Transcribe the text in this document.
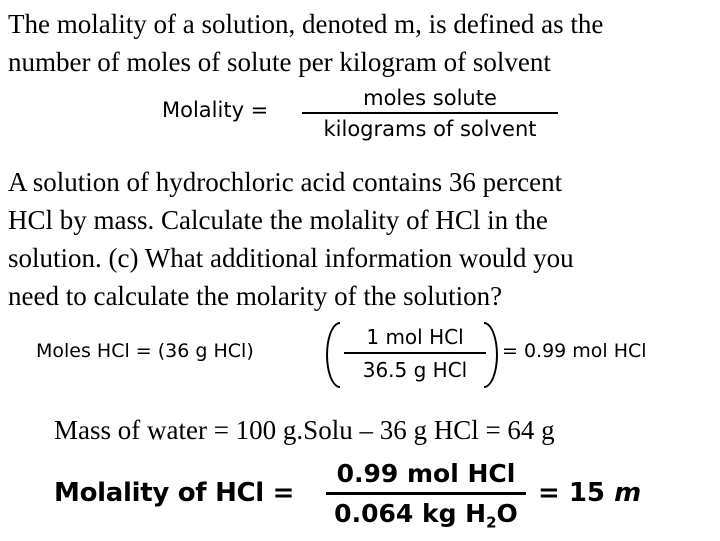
The molality of a solution, denoted m, is defined as the
number of moles of solute per kilogram of solvent
Molality =	moles solute
kilograms of solvent
A solution of hydrochloric acid contains 36 percent
HCl by mass. Calculate the molality of HCl in the
solution. (c) What additional information would you
need to calculate the molarity of the solution?
Moles HCl = (36 g HCl)
1 mol HCl
36.5 g HCl
= 0.99 mol HCl
Mass of water = 100 g.Solu – 36 g HCl = 64 g
Molality of HCl =
0.99 mol HCl
0.064 kg $H_2O$
= 15 m
